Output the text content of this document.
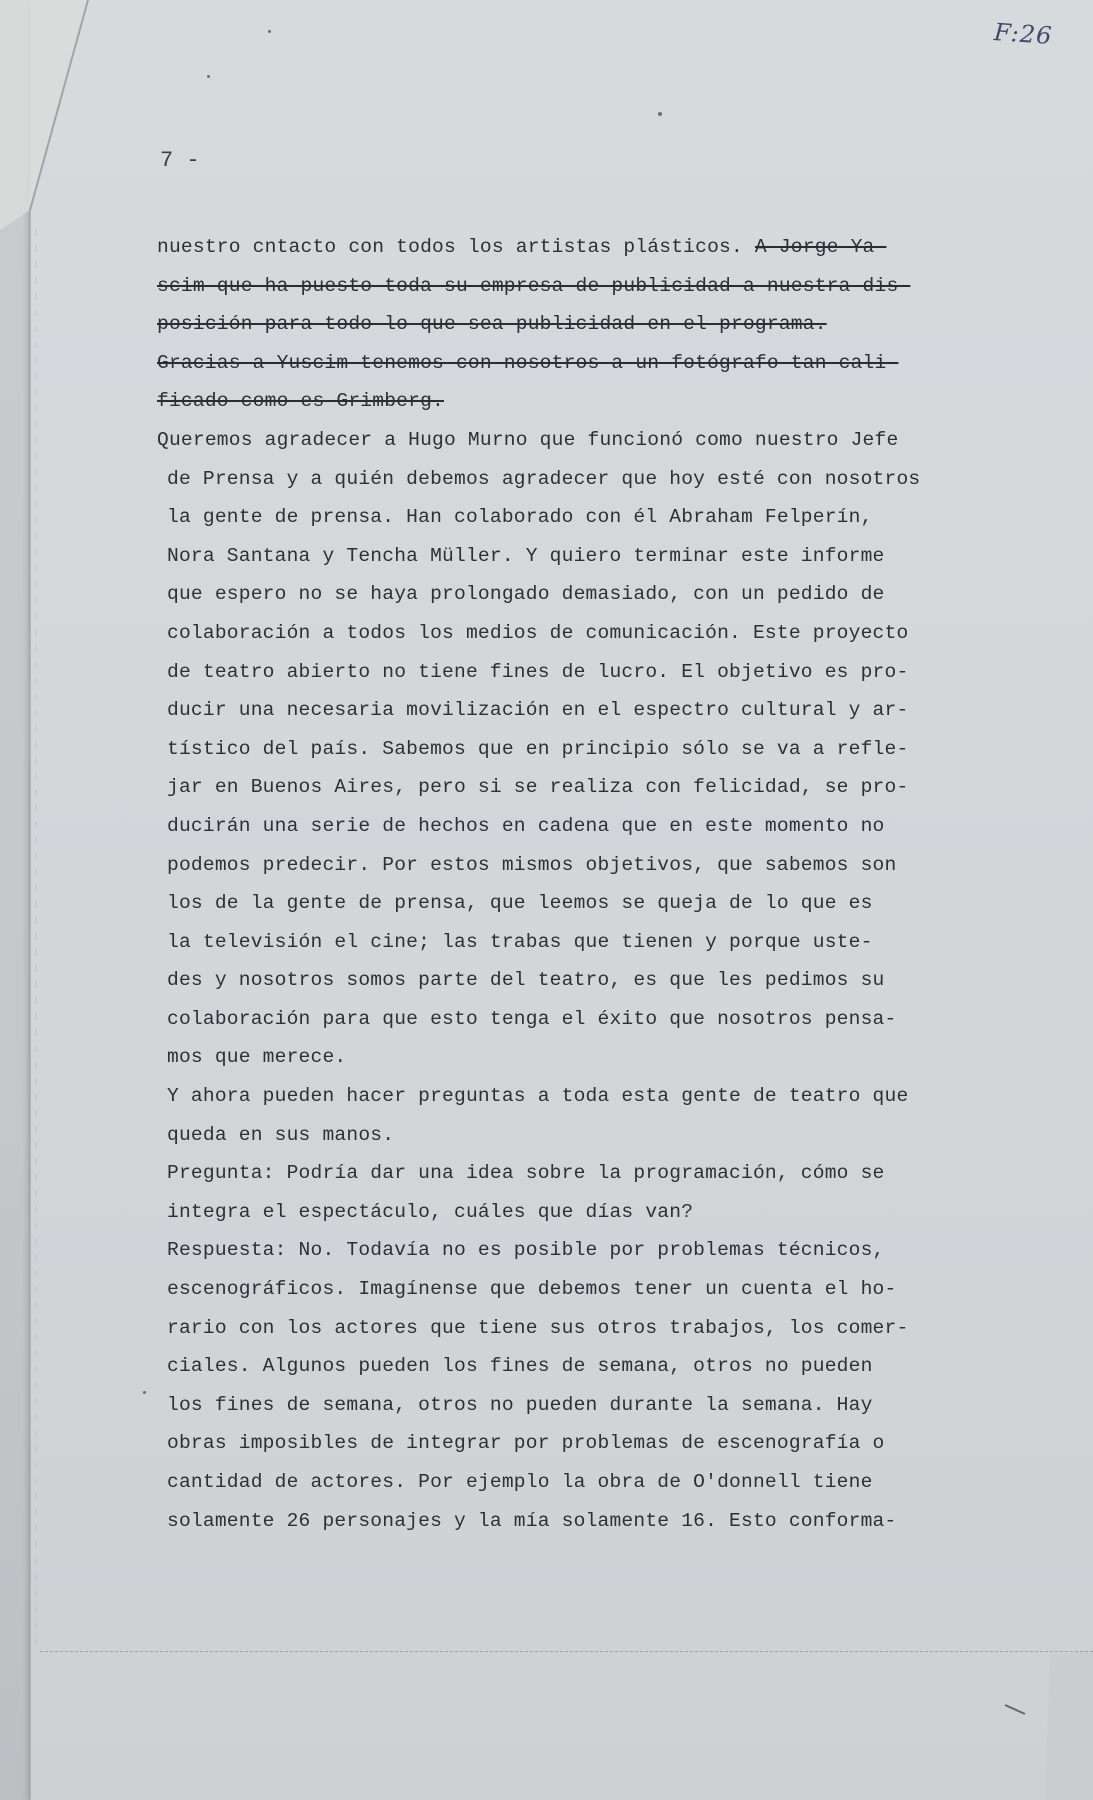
F:26
7 -
nuestro cntacto con todos los artistas plásticos. A Jorge Ya-
scim que ha puesto toda su empresa de publicidad a nuestra dis-
posición para todo lo que sea publicidad en el programa.
Gracias a Yuscim tenemos con nosotros a un fotógrafo tan cali-
ficado como es Grimberg.
Queremos agradecer a Hugo Murno que funcionó como nuestro Jefe
de Prensa y a quién debemos agradecer que hoy esté con nosotros
la gente de prensa. Han colaborado con él Abraham Felperín,
Nora Santana y Tencha Müller. Y quiero terminar este informe
que espero no se haya prolongado demasiado, con un pedido de
colaboración a todos los medios de comunicación. Este proyecto
de teatro abierto no tiene fines de lucro. El objetivo es pro-
ducir una necesaria movilización en el espectro cultural y ar-
tístico del país. Sabemos que en principio sólo se va a refle-
jar en Buenos Aires, pero si se realiza con felicidad, se pro-
ducirán una serie de hechos en cadena que en este momento no
podemos predecir. Por estos mismos objetivos, que sabemos son
los de la gente de prensa, que leemos se queja de lo que es
la televisión el cine; las trabas que tienen y porque uste-
des y nosotros somos parte del teatro, es que les pedimos su
colaboración para que esto tenga el éxito que nosotros pensa-
mos que merece.
Y ahora pueden hacer preguntas a toda esta gente de teatro que
queda en sus manos.
Pregunta: Podría dar una idea sobre la programación, cómo se
integra el espectáculo, cuáles que días van?
Respuesta: No. Todavía no es posible por problemas técnicos,
escenográficos. Imagínense que debemos tener un cuenta el ho-
rario con los actores que tiene sus otros trabajos, los comer-
ciales. Algunos pueden los fines de semana, otros no pueden
los fines de semana, otros no pueden durante la semana. Hay
obras imposibles de integrar por problemas de escenografía o
cantidad de actores. Por ejemplo la obra de O'donnell tiene
solamente 26 personajes y la mía solamente 16. Esto conforma-
